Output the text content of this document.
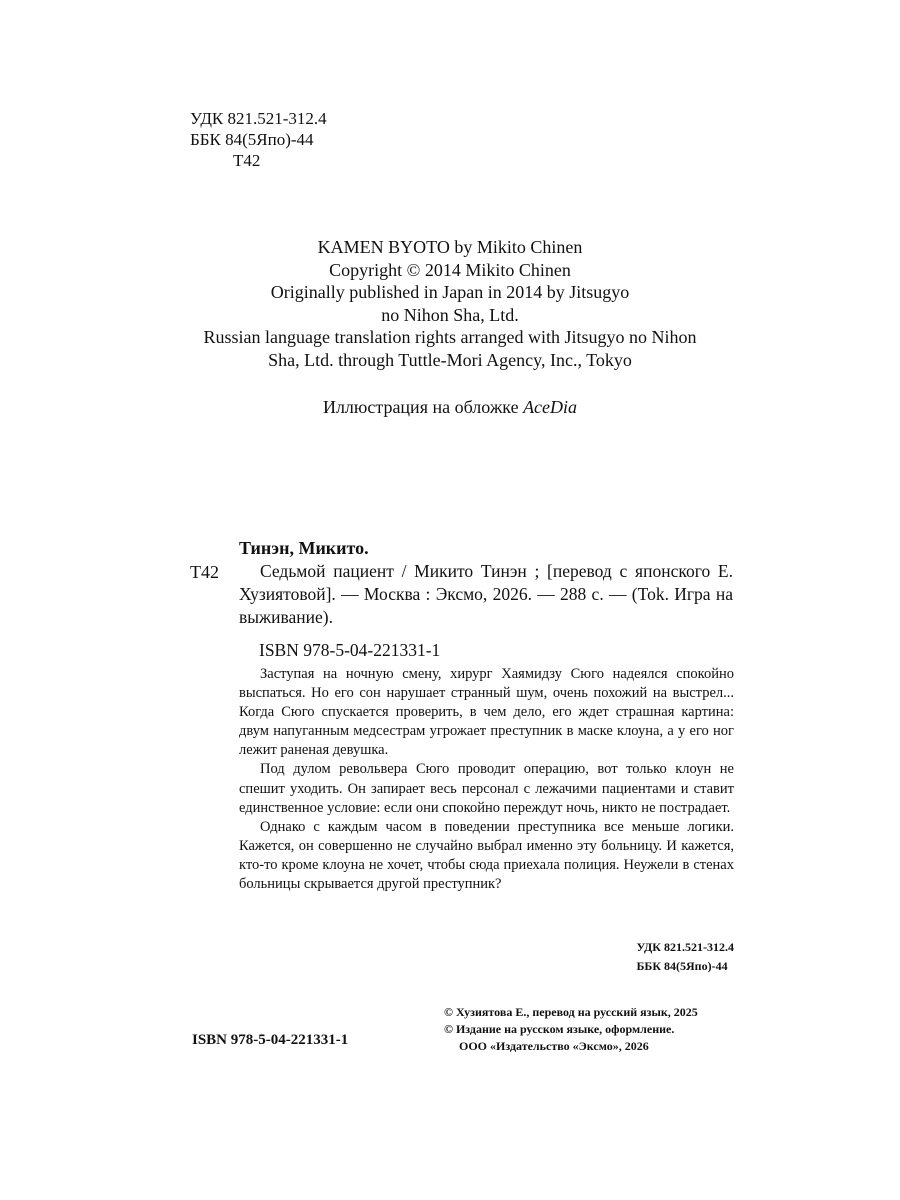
УДК 821.521-312.4
ББК 84(5Япо)-44
Т42
KAMEN BYOTO by Mikito Chinen
Copyright © 2014 Mikito Chinen
Originally published in Japan in 2014 by Jitsugyo
no Nihon Sha, Ltd.
Russian language translation rights arranged with Jitsugyo no Nihon
Sha, Ltd. through Tuttle-Mori Agency, Inc., Tokyo
Иллюстрация на обложке AceDia
Тинэн, Микито.
Т42	Седьмой пациент / Микито Тинэн ; [перевод с японского Е. Хузиятовой]. — Москва : Эксмо, 2026. — 288 с. — (Tok. Игра на выживание).

ISBN 978-5-04-221331-1

Заступая на ночную смену, хирург Хаямидзу Сюго надеялся спокойно выспаться. Но его сон нарушает странный шум, очень похожий на выстрел... Когда Сюго спускается проверить, в чем дело, его ждет страшная картина: двум напуганным медсестрам угрожает преступник в маске клоуна, а у его ног лежит раненая девушка.

Под дулом револьвера Сюго проводит операцию, вот только клоун не спешит уходить. Он запирает весь персонал с лежачими пациентами и ставит единственное условие: если они спокойно переждут ночь, никто не пострадает.

Однако с каждым часом в поведении преступника все меньше логики. Кажется, он совершенно не случайно выбрал именно эту больницу. И кажется, кто-то кроме клоуна не хочет, чтобы сюда приехала полиция. Неужели в стенах больницы скрывается другой преступник?

УДК 821.521-312.4
ББК 84(5Япо)-44
ISBN 978-5-04-221331-1
© Хузиятова Е., перевод на русский язык, 2025
© Издание на русском языке, оформление.
ООО «Издательство «Эксмо», 2026
